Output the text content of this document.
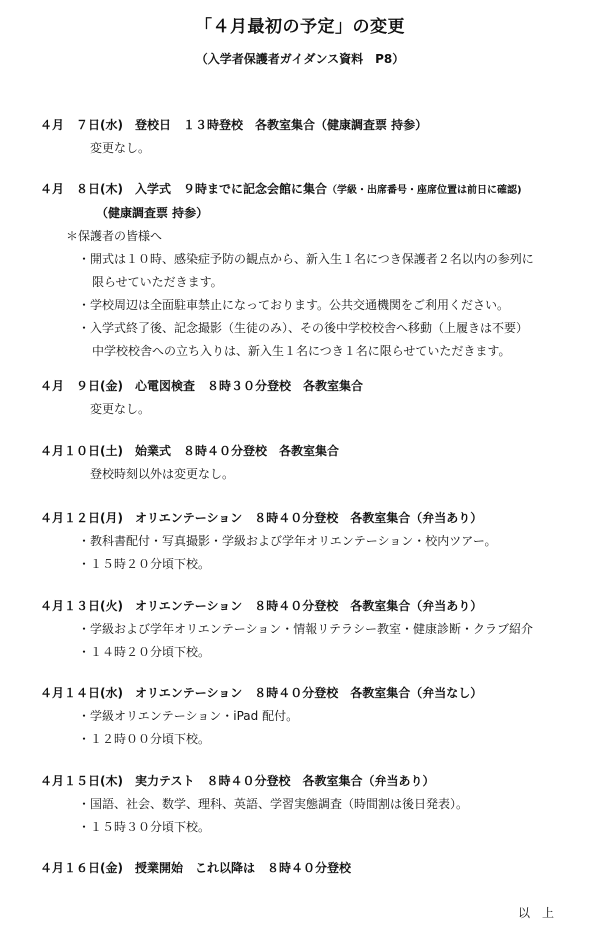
「４月最初の予定」の変更
（入学者保護者ガイダンス資料　P8）
４月　７日(水)　登校日　１３時登校　各教室集合（健康調査票 持参）
変更なし。
４月　８日(木)　入学式　９時までに記念会館に集合（学級・出席番号・座席位置は前日に確認)
（健康調査票 持参）
＊保護者の皆様へ
・開式は１０時、感染症予防の観点から、新入生１名につき保護者２名以内の参列に
限らせていただきます。
・学校周辺は全面駐車禁止になっております。公共交通機関をご利用ください。
・入学式終了後、記念撮影（生徒のみ）、その後中学校校舎へ移動（上履きは不要）
中学校校舎への立ち入りは、新入生１名につき１名に限らせていただきます。
４月　９日(金)　心電図検査　８時３０分登校　各教室集合
変更なし。
４月１０日(土)　始業式　８時４０分登校　各教室集合
登校時刻以外は変更なし。
４月１２日(月)　オリエンテーション　８時４０分登校　各教室集合（弁当あり）
・教科書配付・写真撮影・学級および学年オリエンテーション・校内ツアー。
・１５時２０分頃下校。
４月１３日(火)　オリエンテーション　８時４０分登校　各教室集合（弁当あり）
・学級および学年オリエンテーション・情報リテラシー教室・健康診断・クラブ紹介
・１４時２０分頃下校。
４月１４日(水)　オリエンテーション　８時４０分登校　各教室集合（弁当なし）
・学級オリエンテーション・iPad 配付。
・１２時００分頃下校。
４月１５日(木)　実力テスト　８時４０分登校　各教室集合（弁当あり）
・国語、社会、数学、理科、英語、学習実態調査（時間割は後日発表）。
・１５時３０分頃下校。
４月１６日(金)　授業開始　これ以降は　８時４０分登校
以　上
